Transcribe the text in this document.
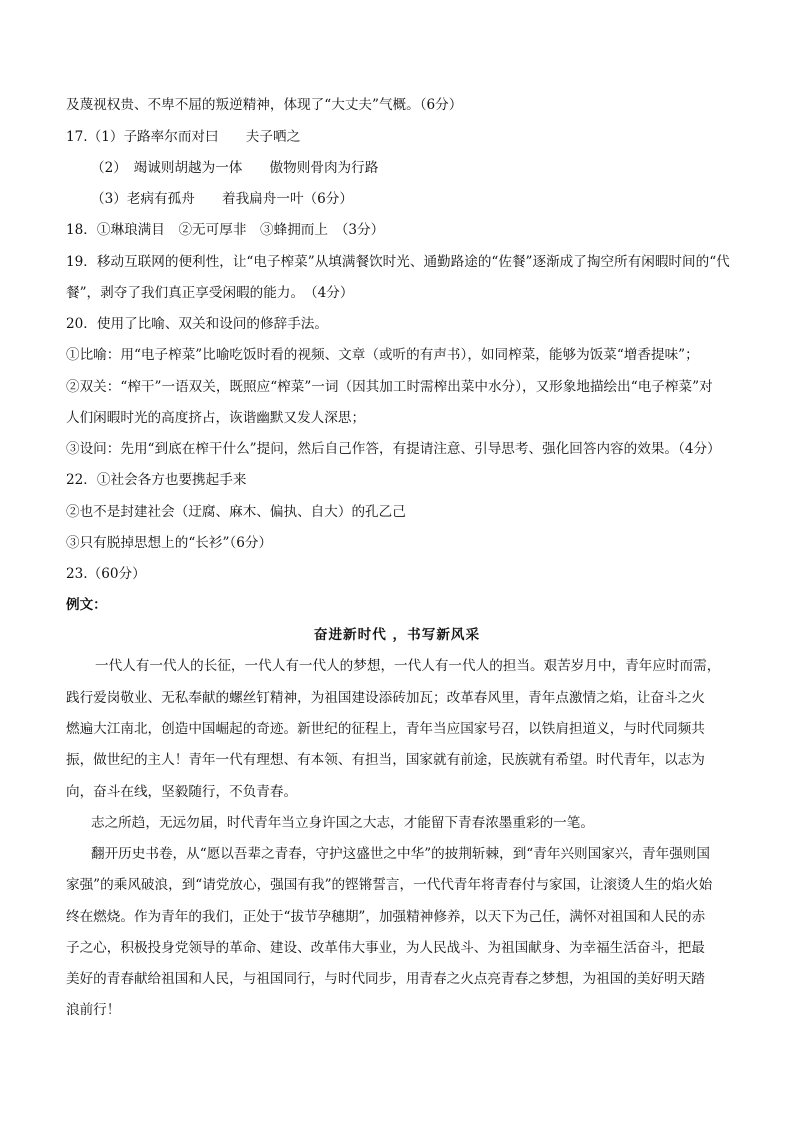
及蔑视权贵、不卑不屈的叛逆精神，体现了“大丈夫”气概。（6分）
17.（1）子路率尔而对曰　　夫子哂之
（2）　竭诚则胡越为一体　　傲物则骨肉为行路
（3）老病有孤舟　　着我扁舟一叶（6分）
18．①琳琅满目　②无可厚非　③蜂拥而上　（3分）
19．移动互联网的便利性，让“电子榨菜”从填满餐饮时光、通勤路途的“佐餐”逐渐成了掏空所有闲暇时间的“代
餐”，剥夺了我们真正享受闲暇的能力。　（4分）
20．使用了比喻、双关和设问的修辞手法。
①比喻：用“电子榨菜”比喻吃饭时看的视频、文章（或听的有声书），如同榨菜，能够为饭菜“增香提味”；
②双关：“榨干”一语双关，既照应“榨菜”一词（因其加工时需榨出菜中水分），又形象地描绘出“电子榨菜”对
人们闲暇时光的高度挤占，诙谐幽默又发人深思；
③设问：先用“到底在榨干什么”提问，然后自己作答，有提请注意、引导思考、强化回答内容的效果。（4分）
22．①社会各方也要携起手来
②也不是封建社会（迂腐、麻木、偏执、自大）的孔乙己
③只有脱掉思想上的“长衫”（6分）
23.（60分）
例文：
奋进新时代 ，书写新风采
一代人有一代人的长征，一代人有一代人的梦想，一代人有一代人的担当。艰苦岁月中，青年应时而需，
践行爱岗敬业、无私奉献的螺丝钉精神，为祖国建设添砖加瓦；改革春风里，青年点激情之焰，让奋斗之火
燃遍大江南北，创造中国崛起的奇迹。新世纪的征程上，青年当应国家号召，以铁肩担道义，与时代同频共
振，做世纪的主人！青年一代有理想、有本领、有担当，国家就有前途，民族就有希望。时代青年，以志为
向，奋斗在线，坚毅随行，不负青春。
志之所趋，无远勿届，时代青年当立身许国之大志，才能留下青春浓墨重彩的一笔。
翻开历史书卷，从“愿以吾辈之青春，守护这盛世之中华”的披荆斩棘，到“青年兴则国家兴，青年强则国
家强”的乘风破浪，到“请党放心，强国有我”的铿锵誓言，一代代青年将青春付与家国，让滚烫人生的焰火始
终在燃烧。作为青年的我们，正处于“拔节孕穗期”，加强精神修养，以天下为己任，满怀对祖国和人民的赤
子之心，积极投身党领导的革命、建设、改革伟大事业，为人民战斗、为祖国献身、为幸福生活奋斗，把最
美好的青春献给祖国和人民，与祖国同行，与时代同步，用青春之火点亮青春之梦想，为祖国的美好明天踏
浪前行！
